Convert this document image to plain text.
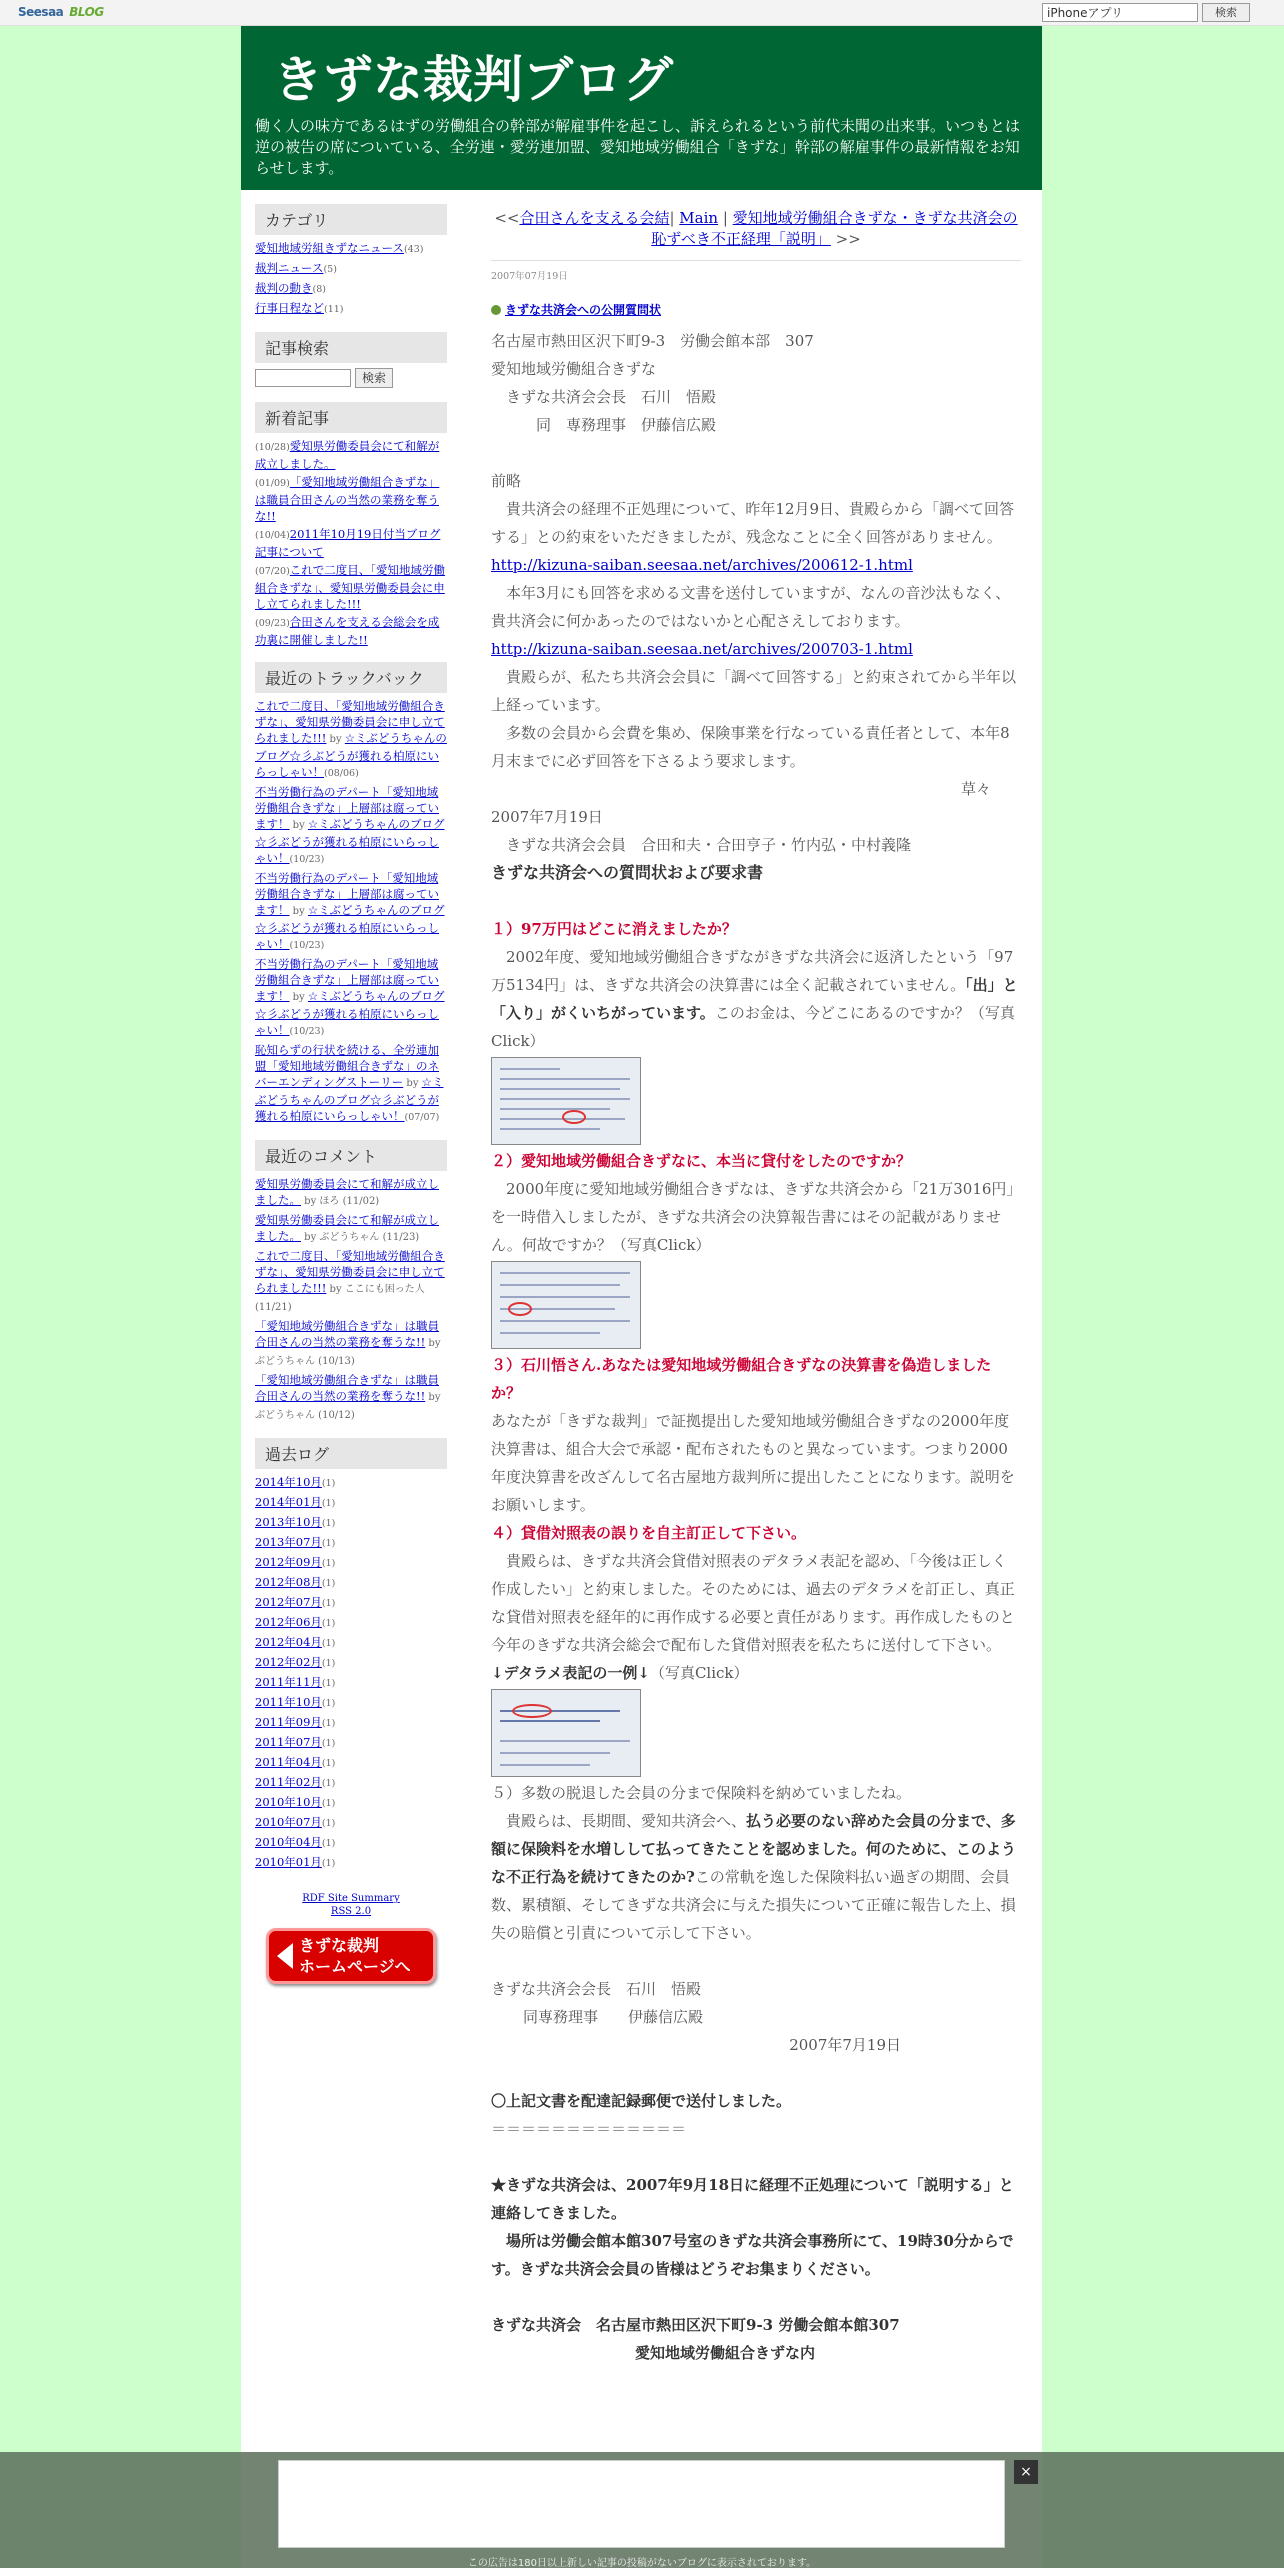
Seesaa BLOG
iPhoneアプリ	検索
きずな裁判ブログ
働く人の味方であるはずの労働組合の幹部が解雇事件を起こし、訴えられるという前代未聞の出来事。いつもとは逆の被告の席についている、全労連・愛労連加盟、愛知地域労働組合「きずな」幹部の解雇事件の最新情報をお知らせします。
カテゴリ
愛知地域労組きずなニュース(43)
裁判ニュース(5)
裁判の動き(8)
行事日程など(11)
記事検索
検索
新着記事
(10/28)愛知県労働委員会にて和解が成立しました。
(01/09)「愛知地域労働組合きずな」は職員合田さんの当然の業務を奪うな!!
(10/04)2011年10月19日付当ブログ記事について
(07/20)これで二度目、「愛知地域労働組合きずな」、愛知県労働委員会に申し立てられました!!!
(09/23)合田さんを支える会総会を成功裏に開催しました!!
最近のトラックバック
これで二度目、「愛知地域労働組合きずな」、愛知県労働委員会に申し立てられました!!! by ☆ミぶどうちゃんのブログ☆彡ぶどうが獲れる柏原にいらっしゃい！(08/06)
不当労働行為のデパート「愛知地域労働組合きずな」上層部は腐っています！ by ☆ミぶどうちゃんのブログ☆彡ぶどうが獲れる柏原にいらっしゃい！(10/23)
不当労働行為のデパート「愛知地域労働組合きずな」上層部は腐っています！ by ☆ミぶどうちゃんのブログ☆彡ぶどうが獲れる柏原にいらっしゃい！(10/23)
不当労働行為のデパート「愛知地域労働組合きずな」上層部は腐っています！ by ☆ミぶどうちゃんのブログ☆彡ぶどうが獲れる柏原にいらっしゃい！(10/23)
恥知らずの行状を続ける、全労連加盟「愛知地域労働組合きずな」のネバーエンディングストーリー by ☆ミぶどうちゃんのブログ☆彡ぶどうが獲れる柏原にいらっしゃい！(07/07)
最近のコメント
愛知県労働委員会にて和解が成立しました。 by ほろ (11/02)
愛知県労働委員会にて和解が成立しました。 by ぶどうちゃん (11/23)
これで二度目、「愛知地域労働組合きずな」、愛知県労働委員会に申し立てられました!!! by ここにも困った人 (11/21)
「愛知地域労働組合きずな」は職員合田さんの当然の業務を奪うな!! by ぶどうちゃん (10/13)
「愛知地域労働組合きずな」は職員合田さんの当然の業務を奪うな!! by ぶどうちゃん (10/12)
過去ログ
2014年10月(1)
2014年01月(1)
2013年10月(1)
2013年07月(1)
2012年09月(1)
2012年08月(1)
2012年07月(1)
2012年06月(1)
2012年04月(1)
2012年02月(1)
2011年11月(1)
2011年10月(1)
2011年09月(1)
2011年07月(1)
2011年04月(1)
2011年02月(1)
2010年10月(1)
2010年07月(1)
2010年04月(1)
2010年01月(1)
RDF Site Summary
RSS 2.0
きずな裁判
ホームページへ
<<合田さんを支える会結| Main | 愛知地域労働組合きずな・きずな共済会の恥ずべき不正経理「説明」 >>
2007年07月19日
きずな共済会への公開質問状

名古屋市熱田区沢下町9-3　労働会館本部　307

愛知地域労働組合きずな

　きずな共済会会長　石川　悟殿

　　　同　専務理事　伊藤信広殿

前略

　貴共済会の経理不正処理について、昨年12月9日、貴殿らから「調べて回答する」との約束をいただきましたが、残念なことに全く回答がありません。

http://kizuna-saiban.seesaa.net/archives/200612-1.html

　本年3月にも回答を求める文書を送付していますが、なんの音沙汰もなく、貴共済会に何かあったのではないかと心配さえしております。

http://kizuna-saiban.seesaa.net/archives/200703-1.html

　貴殿らが、私たち共済会会員に「調べて回答する」と約束されてから半年以上経っています。

　多数の会員から会費を集め、保険事業を行なっている責任者として、本年8月末までに必ず回答を下さるよう要求します。

草々

2007年7月19日

　きずな共済会会員　合田和夫・合田亨子・竹内弘・中村義隆

きずな共済会への質問状および要求書

１）97万円はどこに消えましたか？

　2002年度、愛知地域労働組合きずながきずな共済会に返済したという「97万5134円」は、きずな共済会の決算書には全く記載されていません。「出」と「入り」がくいちがっています。このお金は、今どこにあるのですか？（写真Click）

２）愛知地域労働組合きずなに、本当に貸付をしたのですか？

　2000年度に愛知地域労働組合きずなは、きずな共済会から「21万3016円」を一時借入しましたが、きずな共済会の決算報告書にはその記載がありません。何故ですか？（写真Click）

３）石川悟さん.あなたは愛知地域労働組合きずなの決算書を偽造しましたか？

あなたが「きずな裁判」で証拠提出した愛知地域労働組合きずなの2000年度決算書は、組合大会で承認・配布されたものと異なっています。つまり2000年度決算書を改ざんして名古屋地方裁判所に提出したことになります。説明をお願いします。

４）貸借対照表の誤りを自主訂正して下さい。

　貴殿らは、きずな共済会貸借対照表のデタラメ表記を認め、「今後は正しく作成したい」と約束しました。そのためには、過去のデタラメを訂正し、真正な貸借対照表を経年的に再作成する必要と責任があります。再作成したものと今年のきずな共済会総会で配布した貸借対照表を私たちに送付して下さい。

↓デタラメ表記の一例↓（写真Click）

５）多数の脱退した会員の分まで保険料を納めていましたね。

　貴殿らは、長期間、愛知共済会へ、払う必要のない辞めた会員の分まで、多額に保険料を水増しして払ってきたことを認めました。何のために、このような不正行為を続けてきたのか?この常軌を逸した保険料払い過ぎの期間、会員数、累積額、そしてきずな共済会に与えた損失について正確に報告した上、損失の賠償と引責について示して下さい。

きずな共済会会長　石川　悟殿

同専務理事　　伊藤信広殿

2007年7月19日

〇上記文書を配達記録郵便で送付しました。

＝＝＝＝＝＝＝＝＝＝＝＝＝

★きずな共済会は、2007年9月18日に経理不正処理について「説明する」と連絡してきました。

　場所は労働会館本館307号室のきずな共済会事務所にて、19時30分からです。きずな共済会会員の皆様はどうぞお集まりください。

きずな共済会　名古屋市熱田区沢下町9-3 労働会館本館307

愛知地域労働組合きずな内

×
この広告は180日以上新しい記事の投稿がないブログに表示されております。
